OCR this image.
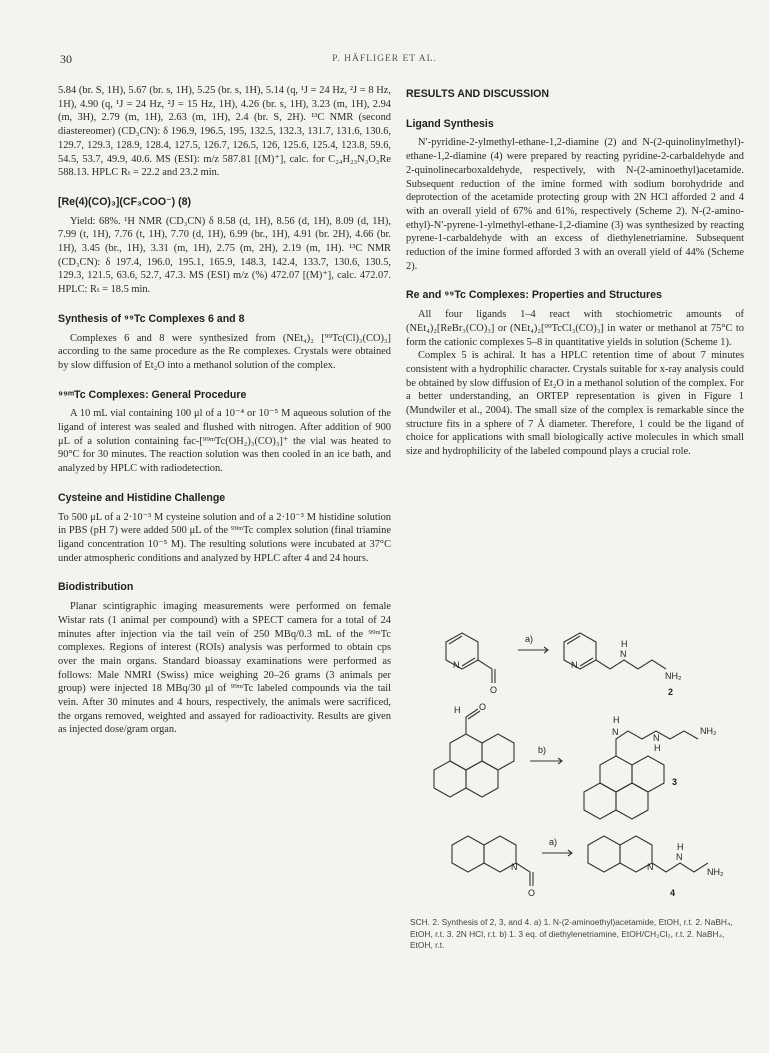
30	P. HÄFLIGER ET AL.

5.84 (br. S, 1H), 5.67 (br. s, 1H), 5.25 (br. s, 1H), 5.14 (q, ¹J = 24 Hz, ²J = 8 Hz, 1H), 4.90 (q, ¹J = 24 Hz, ²J = 15 Hz, 1H), 4.26 (br. s, 1H), 3.23 (m, 1H), 2.94 (m, 3H), 2.79 (m, 1H), 2.63 (m, 1H), 2.4 (br. S, 2H). ¹³C NMR (second diastereomer) (CD₃CN): δ 196.9, 196.5, 195, 132.5, 132.3, 131.7, 131.6, 130.6, 129.7, 129.3, 128.9, 128.4, 127.5, 126.7, 126.5, 126, 125.6, 125.4, 123.8, 59.6, 54.5, 53.7, 49.9, 40.6. MS (ESI): m/z 587.81 [(M)⁺], calc. for C₂₄H₂₃N₃O₃Re 588.13. HPLC Rₜ = 22.2 and 23.2 min.

[Re(4)(CO)₃](CF₃COO⁻) (8)

Yield: 68%. ¹H NMR (CD₃CN) δ 8.58 (d, 1H), 8.56 (d, 1H), 8.09 (d, 1H), 7.99 (t, 1H), 7.76 (t, 1H), 7.70 (d, 1H), 6.99 (br., 1H), 4.91 (br. 2H), 4.66 (br. 1H), 3.45 (br., 1H), 3.31 (m, 1H), 2.75 (m, 2H), 2.19 (m, 1H). ¹³C NMR (CD₃CN): δ 197.4, 196.0, 195.1, 165.9, 148.3, 142.4, 133.7, 130.6, 130.5, 129.3, 121.5, 63.6, 52.7, 47.3. MS (ESI) m/z (%) 472.07 [(M)⁺], calc. 472.07. HPLC: Rₜ = 18.5 min.

Synthesis of ⁹⁹Tc Complexes 6 and 8

Complexes 6 and 8 were synthesized from (NEt₄)₂ [⁹⁹Tc(Cl)₃(CO)₃] according to the same procedure as the Re complexes. Crystals were obtained by slow diffusion of Et₂O into a methanol solution of the complex.

⁹⁹ᵐTc Complexes: General Procedure

A 10 mL vial containing 100 μl of a 10⁻⁴ or 10⁻⁵ M aqueous solution of the ligand of interest was sealed and flushed with nitrogen. After addition of 900 μL of a solution containing fac-[⁹⁹ᵐTc(OH₂)₃(CO)₃]⁺ the vial was heated to 90°C for 30 minutes. The reaction solution was then cooled in an ice bath, and analyzed by HPLC with radiodetection.

Cysteine and Histidine Challenge

To 500 μL of a 2·10⁻³ M cysteine solution and of a 2·10⁻³ M histidine solution in PBS (pH 7) were added 500 μL of the ⁹⁹ᵐTc complex solution (final triamine ligand concentration 10⁻⁵ M). The resulting solutions were incubated at 37°C under atmospheric conditions and analyzed by HPLC after 4 and 24 hours.

Biodistribution

Planar scintigraphic imaging measurements were performed on female Wistar rats (1 animal per compound) with a SPECT camera for a total of 24 minutes after injection via the tail vein of 250 MBq/0.3 mL of the ⁹⁹ᵐTc complexes. Regions of interest (ROIs) analysis was performed to obtain cps over the main organs. Standard bioassay examinations were performed as follows: Male NMRI (Swiss) mice weighing 20–26 grams (3 animals per group) were injected 18 MBq/30 μl of ⁹⁹ᵐTc labeled compounds via the tail vein. After 30 minutes and 4 hours, respectively, the animals were sacrificed, the organs removed, weighted and assayed for radioactivity. Results are given as injected dose/gram organ.

RESULTS AND DISCUSSION
Ligand Synthesis

N′-pyridine-2-ylmethyl-ethane-1,2-diamine (2) and N-(2-quinolinylmethyl)-ethane-1,2-diamine (4) were prepared by reacting pyridine-2-carbaldehyde and 2-quinolinecarboxaldehyde, respectively, with N-(2-aminoethyl)acetamide. Subsequent reduction of the imine formed with sodium borohydride and deprotection of the acetamide protecting group with 2N HCl afforded 2 and 4 with an overall yield of 67% and 61%, respectively (Scheme 2). N-(2-amino-ethyl)-N′-pyrene-1-ylmethyl-ethane-1,2-diamine (3) was synthesized by reacting pyrene-1-carbaldehyde with an excess of diethylenetriamine. Subsequent reduction of the imine formed afforded 3 with an overall yield of 44% (Scheme 2).

Re and ⁹⁹Tc Complexes: Properties and Structures

All four ligands 1–4 react with stochiometric amounts of (NEt₄)₂[ReBr₃(CO)₃] or (NEt₄)₂[⁹⁹TcCl₃(CO)₃] in water or methanol at 75°C to form the cationic complexes 5–8 in quantitative yields in solution (Scheme 1).

Complex 5 is achiral. It has a HPLC retention time of about 7 minutes consistent with a hydrophilic character. Crystals suitable for x-ray analysis could be obtained by slow diffusion of Et₂O in a methanol solution of the complex. For a better understanding, an ORTEP representation is given in Figure 1 (Mundwiler et al., 2004). The small size of the complex is remarkable since the structure fits in a sphere of 7 Å diameter. Therefore, 1 could be the ligand of choice for applications with small biologically active molecules in which small size and hydrophilicity of the labeled compound plays a crucial role.

a)
b)
a)
N
O
N
N
H
NH₂
2
H O
N
H
N
H
NH₂
3
N
O
N
N
H
NH₂
4
SCH. 2. Synthesis of 2, 3, and 4. a) 1. N-(2-aminoethyl)acetamide, EtOH, r.t. 2. NaBH₄, EtOH, r.t. 3. 2N HCl, r.t. b) 1. 3 eq. of diethylenetriamine, EtOH/CH₂Cl₂, r.t. 2. NaBH₄, EtOH, r.t.
